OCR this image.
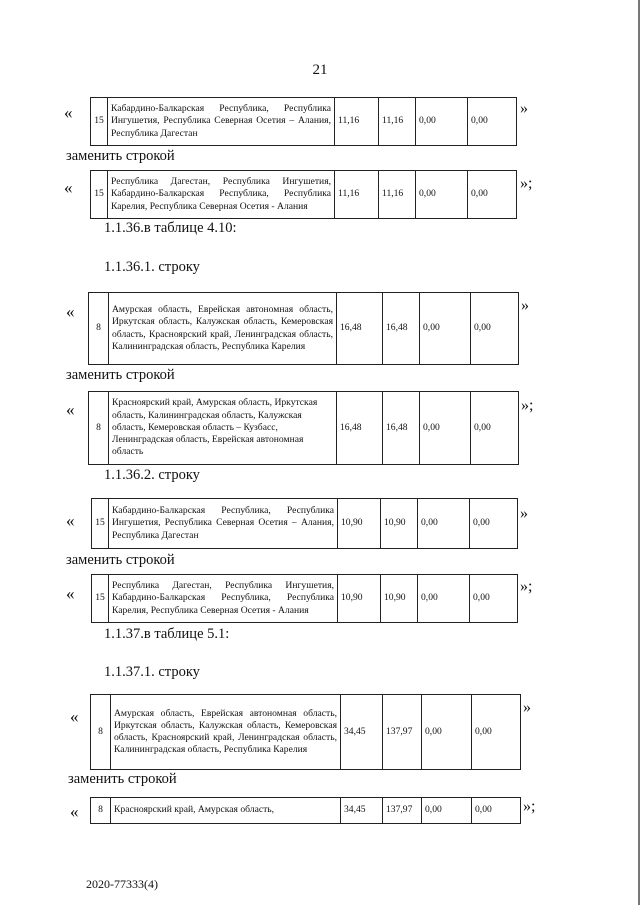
21
« 15	Кабардино-Балкарская Республика, Республика Ингушетия, Республика Северная Осетия – Алания, Республика Дагестан	11,16	11,16	0,00	0,00
»
заменить строкой
« 15	Республика Дагестан, Республика Ингушетия, Кабардино-Балкарская Республика, Республика Карелия, Республика Северная Осетия - Алания	11,16	11,16	0,00	0,00
»;
1.1.36.в таблице 4.10:
1.1.36.1. строку
«
8	Амурская область, Еврейская автономная область, Иркутская область, Калужская область, Кемеровская область, Красноярский край, Ленинградская область, Калининградская область, Республика Карелия	16,48	16,48	0,00	0,00
»
заменить строкой
«
8	Красноярский край, Амурская область, Иркутская область, Калининградская область, Калужская область, Кемеровская область – Кузбасс, Ленинградская область, Еврейская автономная область	16,48	16,48	0,00	0,00
»;
1.1.36.2. строку
« 15	Кабардино-Балкарская Республика, Республика Ингушетия, Республика Северная Осетия – Алания, Республика Дагестан	10,90	10,90	0,00	0,00
»
заменить строкой
« 15	Республика Дагестан, Республика Ингушетия, Кабардино-Балкарская Республика, Республика Карелия, Республика Северная Осетия - Алания	10,90	10,90	0,00	0,00
»;
1.1.37.в таблице 5.1:
1.1.37.1. строку
«
8	Амурская область, Еврейская автономная область, Иркутская область, Калужская область, Кемеровская область, Красноярский край, Ленинградская область, Калининградская область, Республика Карелия	34,45	137,97	0,00	0,00
»
заменить строкой
« 8	Красноярский край, Амурская область,	34,45	137,97	0,00	0,00 »;
2020-77333(4)
